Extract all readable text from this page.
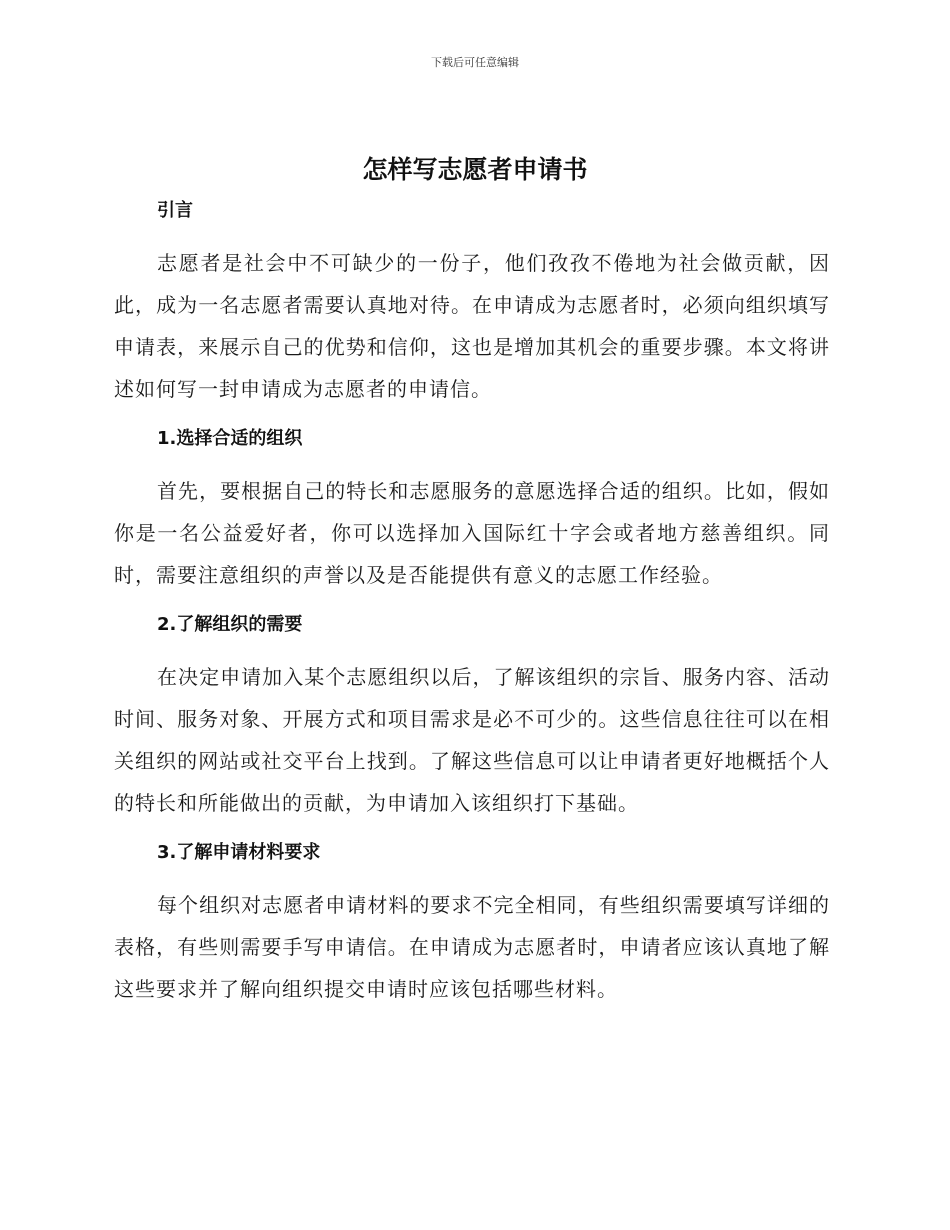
下载后可任意编辑
怎样写志愿者申请书

引言

志愿者是社会中不可缺少的一份子，他们孜孜不倦地为社会做贡献，因此，成为一名志愿者需要认真地对待。在申请成为志愿者时，必须向组织填写申请表，来展示自己的优势和信仰，这也是增加其机会的重要步骤。本文将讲述如何写一封申请成为志愿者的申请信。

1.选择合适的组织

首先，要根据自己的特长和志愿服务的意愿选择合适的组织。比如，假如你是一名公益爱好者，你可以选择加入国际红十字会或者地方慈善组织。同时，需要注意组织的声誉以及是否能提供有意义的志愿工作经验。

2.了解组织的需要

在决定申请加入某个志愿组织以后，了解该组织的宗旨、服务内容、活动时间、服务对象、开展方式和项目需求是必不可少的。这些信息往往可以在相关组织的网站或社交平台上找到。了解这些信息可以让申请者更好地概括个人的特长和所能做出的贡献，为申请加入该组织打下基础。

3.了解申请材料要求

每个组织对志愿者申请材料的要求不完全相同，有些组织需要填写详细的表格，有些则需要手写申请信。在申请成为志愿者时，申请者应该认真地了解这些要求并了解向组织提交申请时应该包括哪些材料。
